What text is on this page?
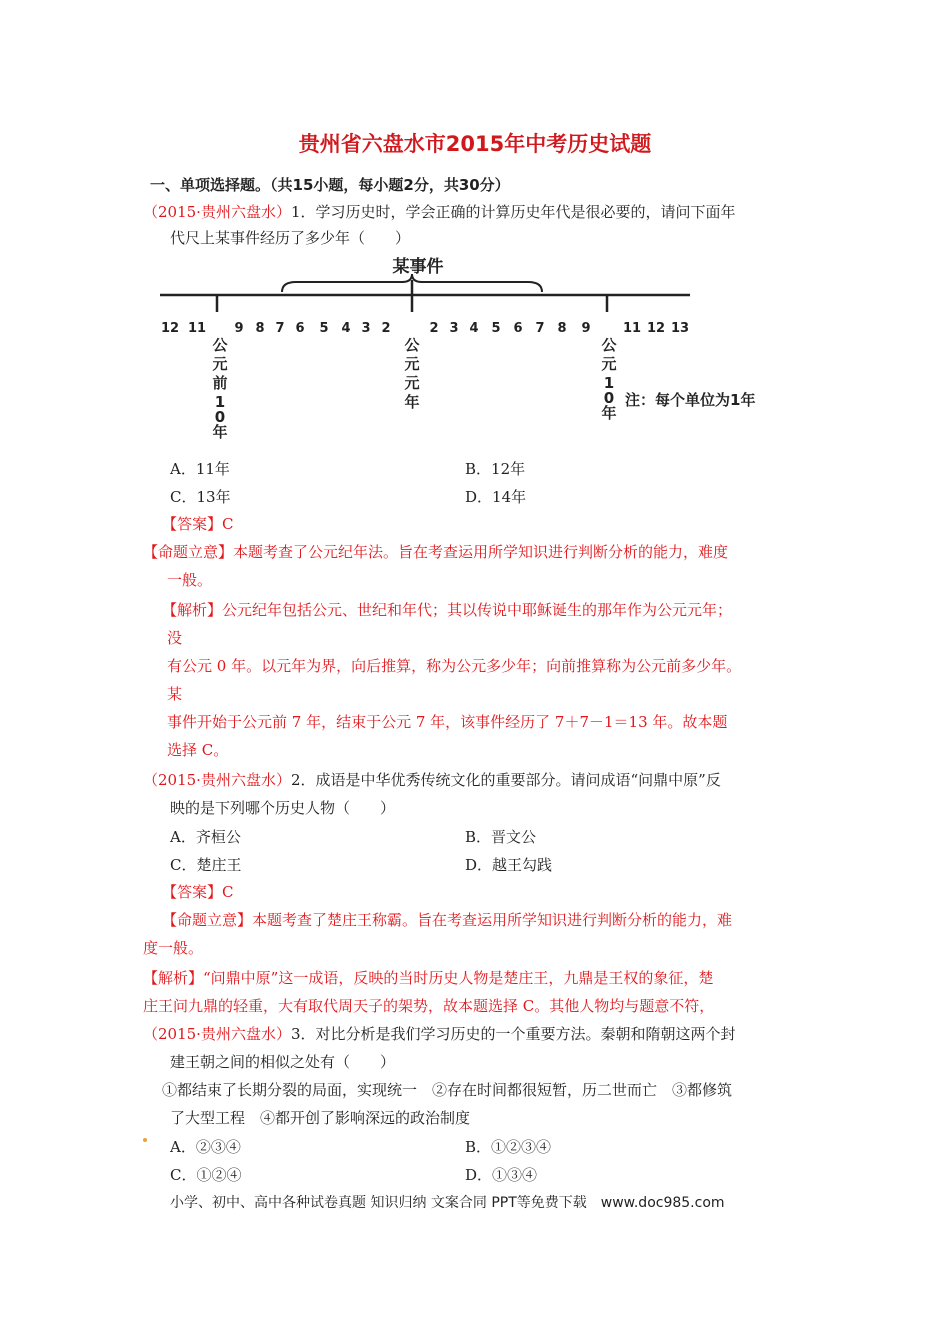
贵州省六盘水市2015年中考历史试题
一、单项选择题。（共15小题，每小题2分，共30分）
（2015·贵州六盘水）1．学习历史时，学会正确的计算历史年代是很必要的，请问下面年
代尺上某事件经历了多少年（　　）
某事件
12 11 9 8 7 6 5 4 3 2	2 3 4 5 6 7 8 9 11 12 13
公
元
前
1
0
年
公
元
元
年
公
元
1
0
年
注：每个单位为1年
A．11年	B．12年
C．13年	D．14年
【答案】C
【命题立意】本题考查了公元纪年法。旨在考查运用所学知识进行判断分析的能力，难度
一般。
【解析】公元纪年包括公元、世纪和年代；其以传说中耶稣诞生的那年作为公元元年；
没
有公元 0 年。以元年为界，向后推算，称为公元多少年；向前推算称为公元前多少年。
某
事件开始于公元前 7 年，结束于公元 7 年，该事件经历了 7＋7－1＝13 年。故本题
选择 C。
（2015·贵州六盘水）2．成语是中华优秀传统文化的重要部分。请问成语“问鼎中原”反
映的是下列哪个历史人物（　　）
A．齐桓公	B．晋文公
C．楚庄王	D．越王勾践
【答案】C
【命题立意】本题考查了楚庄王称霸。旨在考查运用所学知识进行判断分析的能力，难
度一般。
【解析】“问鼎中原”这一成语，反映的当时历史人物是楚庄王，九鼎是王权的象征，楚
庄王问九鼎的轻重，大有取代周天子的架势，故本题选择 C。其他人物均与题意不符，
（2015·贵州六盘水）3．对比分析是我们学习历史的一个重要方法。秦朝和隋朝这两个封
建王朝之间的相似之处有（　　）
①都结束了长期分裂的局面，实现统一　②存在时间都很短暂，历二世而亡　③都修筑
了大型工程　④都开创了影响深远的政治制度
A．②③④	B．①②③④
C．①②④	D．①③④
小学、初中、高中各种试卷真题 知识归纳 文案合同 PPT等免费下载　www.doc985.com
